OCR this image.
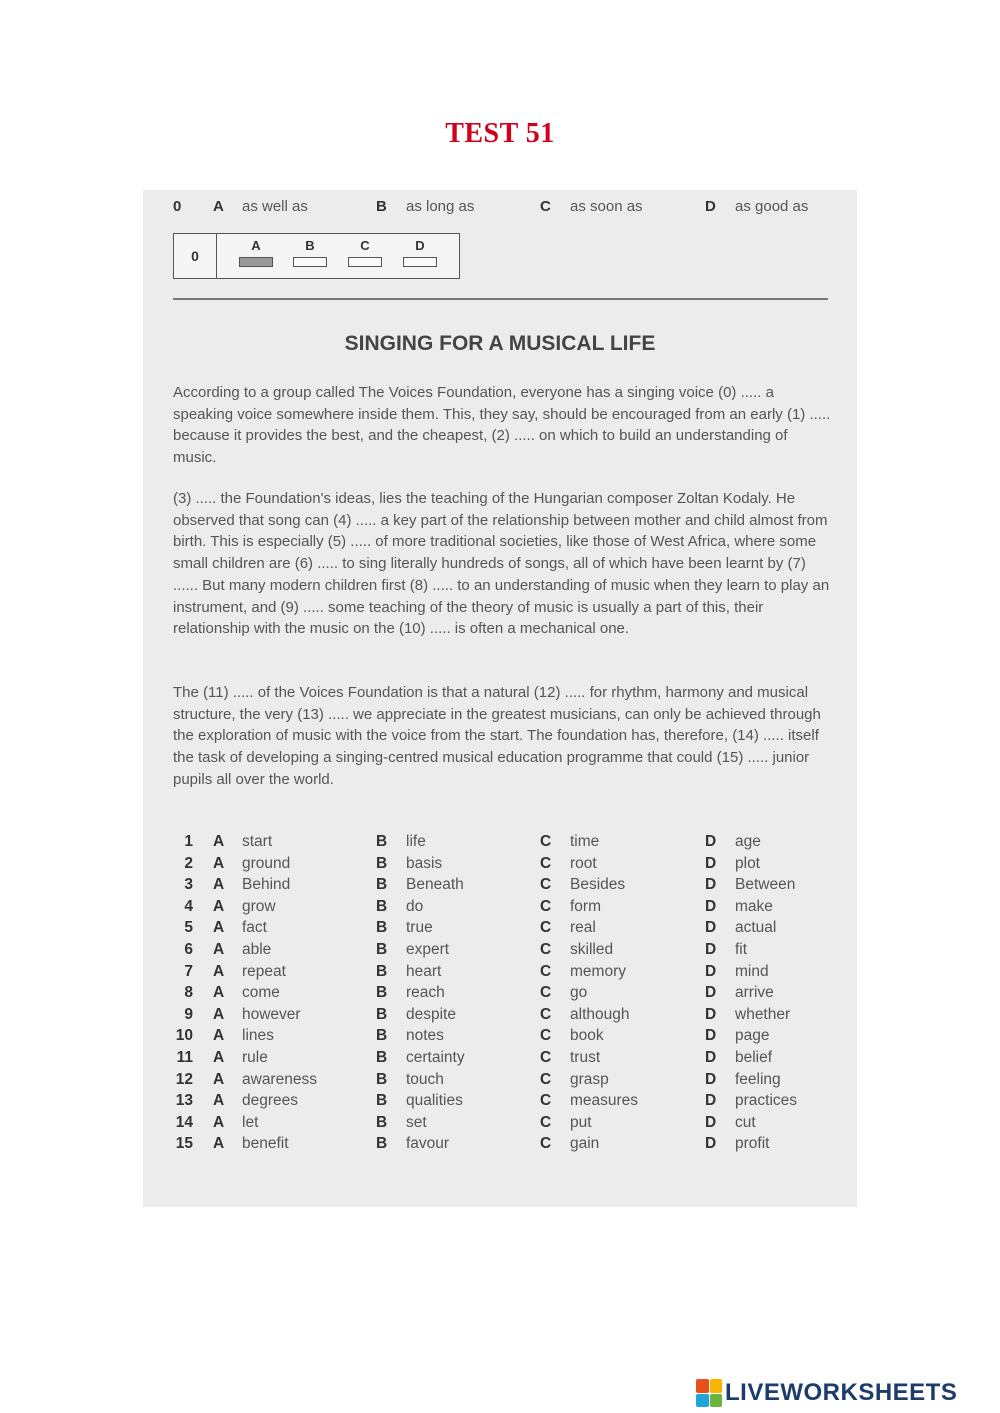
TEST 51
0 A as well as	B as long as	C as soon as	D as good as
0
A	B	C	D
SINGING FOR A MUSICAL LIFE
According to a group called The Voices Foundation, everyone has a singing voice (0) ..... a speaking voice somewhere inside them. This, they say, should be encouraged from an early (1) ..... because it provides the best, and the cheapest, (2) ..... on which to build an understanding of music.
(3) ..... the Foundation's ideas, lies the teaching of the Hungarian composer Zoltan Kodaly. He observed that song can (4) ..... a key part of the relationship between mother and child almost from birth. This is especially (5) ..... of more traditional societies, like those of West Africa, where some small children are (6) ..... to sing literally hundreds of songs, all of which have been learnt by (7) ...... But many modern children first (8) ..... to an understanding of music when they learn to play an instrument, and (9) ..... some teaching of the theory of music is usually a part of this, their relationship with the music on the (10) ..... is often a mechanical one.
The (11) ..... of the Voices Foundation is that a natural (12) ..... for rhythm, harmony and musical structure, the very (13) ..... we appreciate in the greatest musicians, can only be achieved through the exploration of music with the voice from the start. The foundation has, therefore, (14) ..... itself the task of developing a singing-centred musical education programme that could (15) ..... junior pupils all over the world.
1 A start	B life	C time	D age
2 A ground	B basis	C root	D plot
3 A Behind	B Beneath	C Besides	D Between
4 A grow	B do	C form	D make
5 A fact	B true	C real	D actual
6 A able	B expert	C skilled	D fit
7 A repeat	B heart	C memory	D mind
8 A come	B reach	C go	D arrive
9 A however	B despite	C although	D whether
10 A lines	B notes	C book	D page
11 A rule	B certainty	C trust	D belief
12 A awareness	B touch	C grasp	D feeling
13 A degrees	B qualities	C measures	D practices
14 A let	B set	C put	D cut
15 A benefit	B favour	C gain	D profit
LIVEWORKSHEETS
